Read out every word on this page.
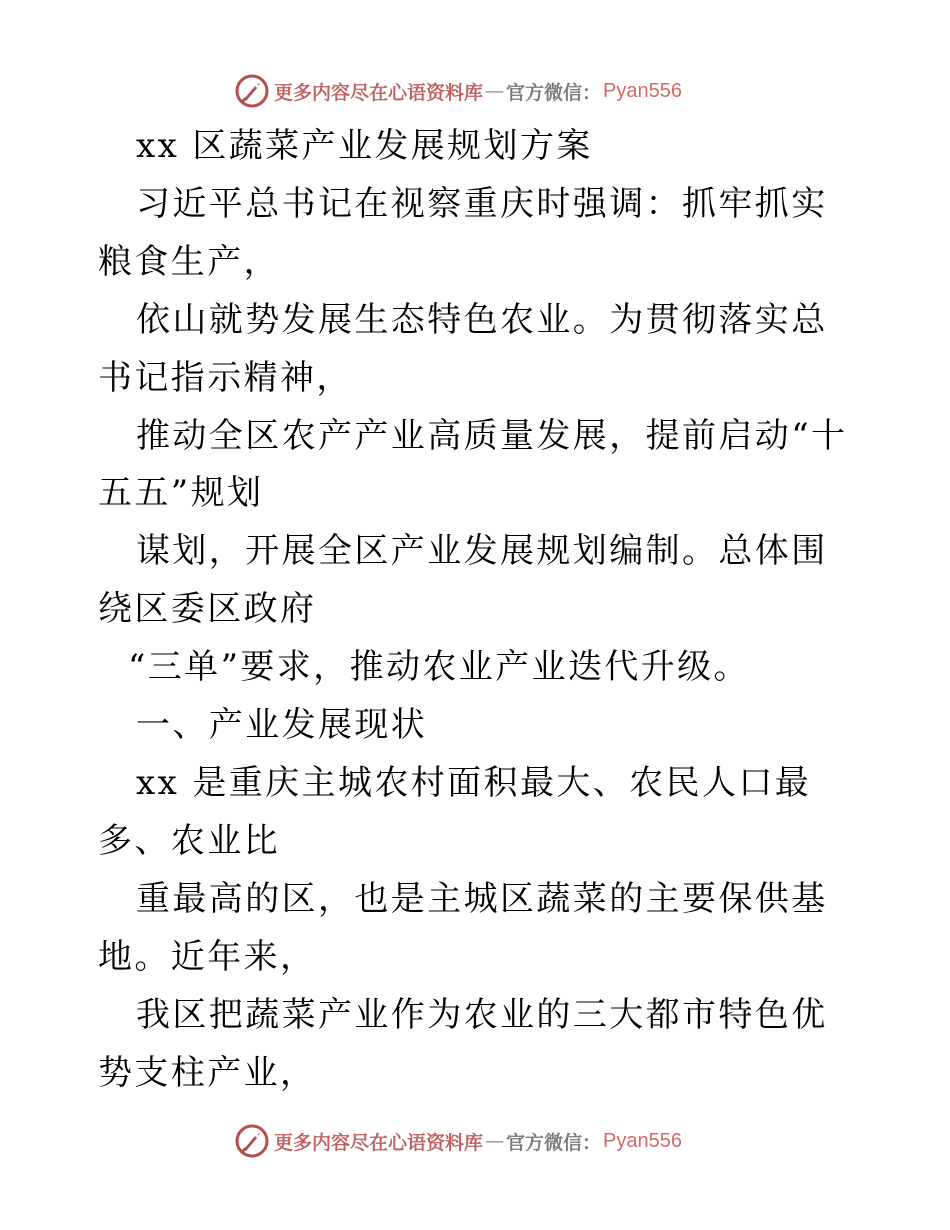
更多内容尽在心语资料库 — 官方微信： Pyan556

xx 区蔬菜产业发展规划方案

习近平总书记在视察重庆时强调：抓牢抓实粮食生产，

依山就势发展生态特色农业。为贯彻落实总书记指示精神，

推动全区农产产业高质量发展，提前启动“十五五”规划

谋划，开展全区产业发展规划编制。总体围绕区委区政府

“三单”要求，推动农业产业迭代升级。

一、产业发展现状

xx 是重庆主城农村面积最大、农民人口最多、农业比

重最高的区，也是主城区蔬菜的主要保供基地。近年来，

我区把蔬菜产业作为农业的三大都市特色优势支柱产业，

更多内容尽在心语资料库 — 官方微信： Pyan556
